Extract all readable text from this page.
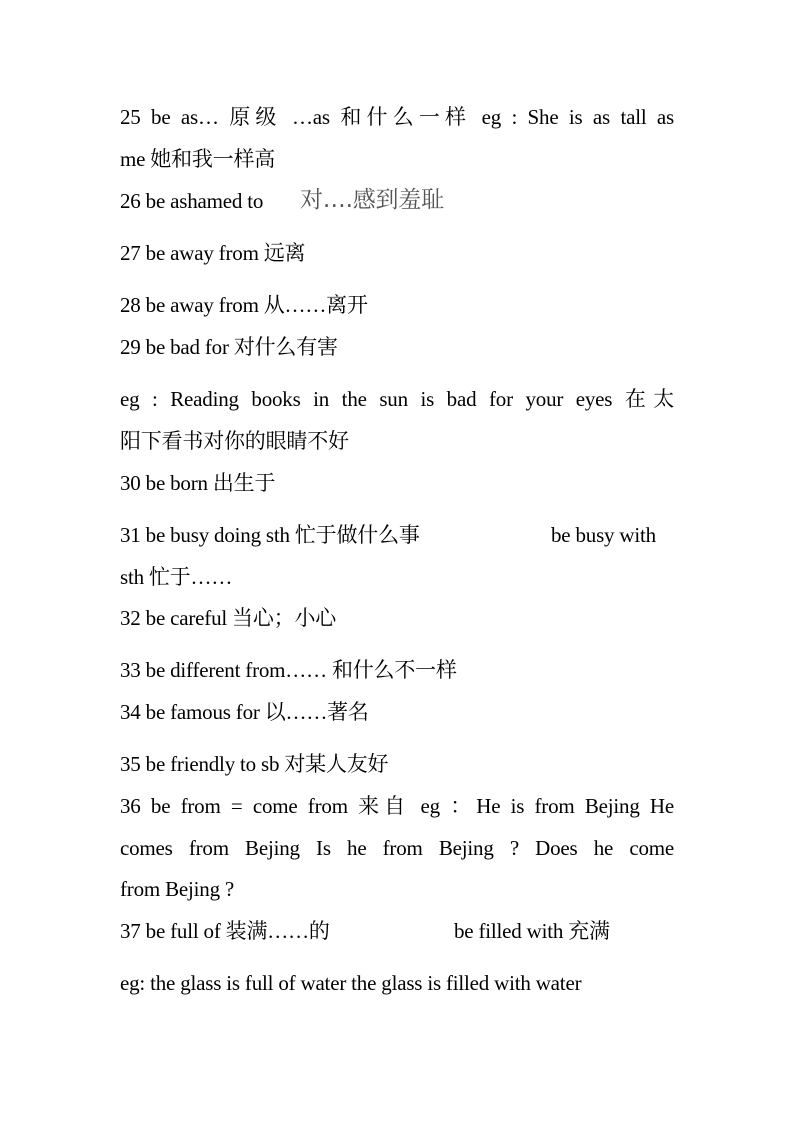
25 be as… 原级 …as 和什么一样 eg : She is as tall as
me 她和我一样高
26 be ashamed to 对….感到羞耻
27 be away from 远离
28 be away from 从……离开
29 be bad for 对什么有害
eg : Reading books in the sun is bad for your eyes 在太
阳下看书对你的眼睛不好
30 be born 出生于
31 be busy doing sth 忙于做什么事	be busy with
sth 忙于……
32 be careful 当心；小心
33 be different from…… 和什么不一样
34 be famous for 以……著名
35 be friendly to sb 对某人友好
36 be from = come from 来自 eg ：He is from Bejing He
comes from Bejing Is he from Bejing ? Does he come
from Bejing ?
37 be full of 装满……的	be filled with 充满
eg: the glass is full of water the glass is filled with water
